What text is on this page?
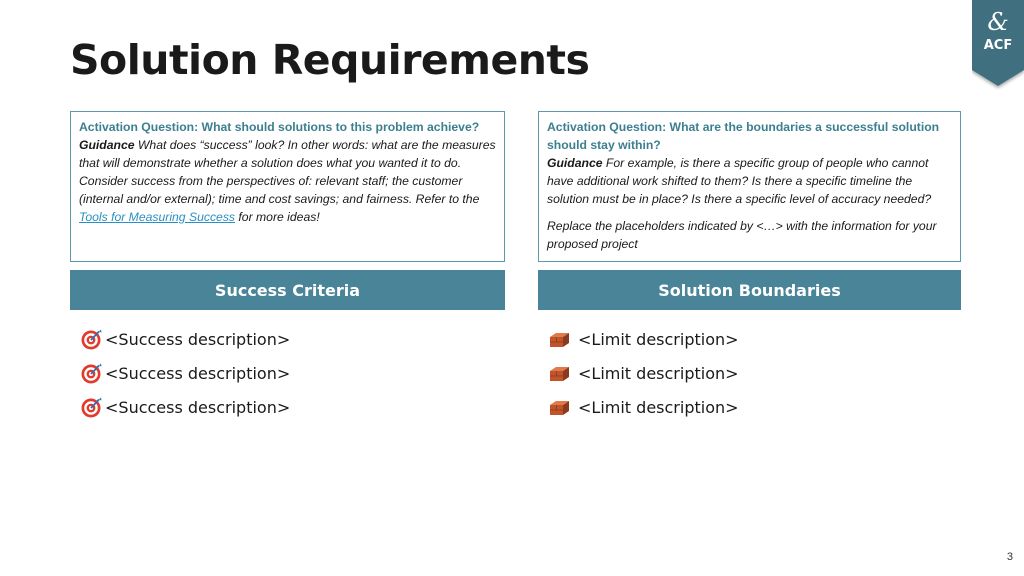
Solution Requirements
&
ACF
Activation Question: What should solutions to this problem achieve?
Guidance What does “success” look? In other words: what are the measures that will demonstrate whether a solution does what you wanted it to do. Consider success from the perspectives of: relevant staff; the customer (internal and/or external); time and cost savings; and fairness. Refer to the Tools for Measuring Success for more ideas!
Activation Question: What are the boundaries a successful solution should stay within?
Guidance For example, is there a specific group of people who cannot have additional work shifted to them? Is there a specific timeline the solution must be in place? Is there a specific level of accuracy needed?
Replace the placeholders indicated by <…> with the information for your proposed project
Success Criteria	Solution Boundaries
<Success description>
<Success description>
<Success description>
<Limit description>
<Limit description>
<Limit description>
3
